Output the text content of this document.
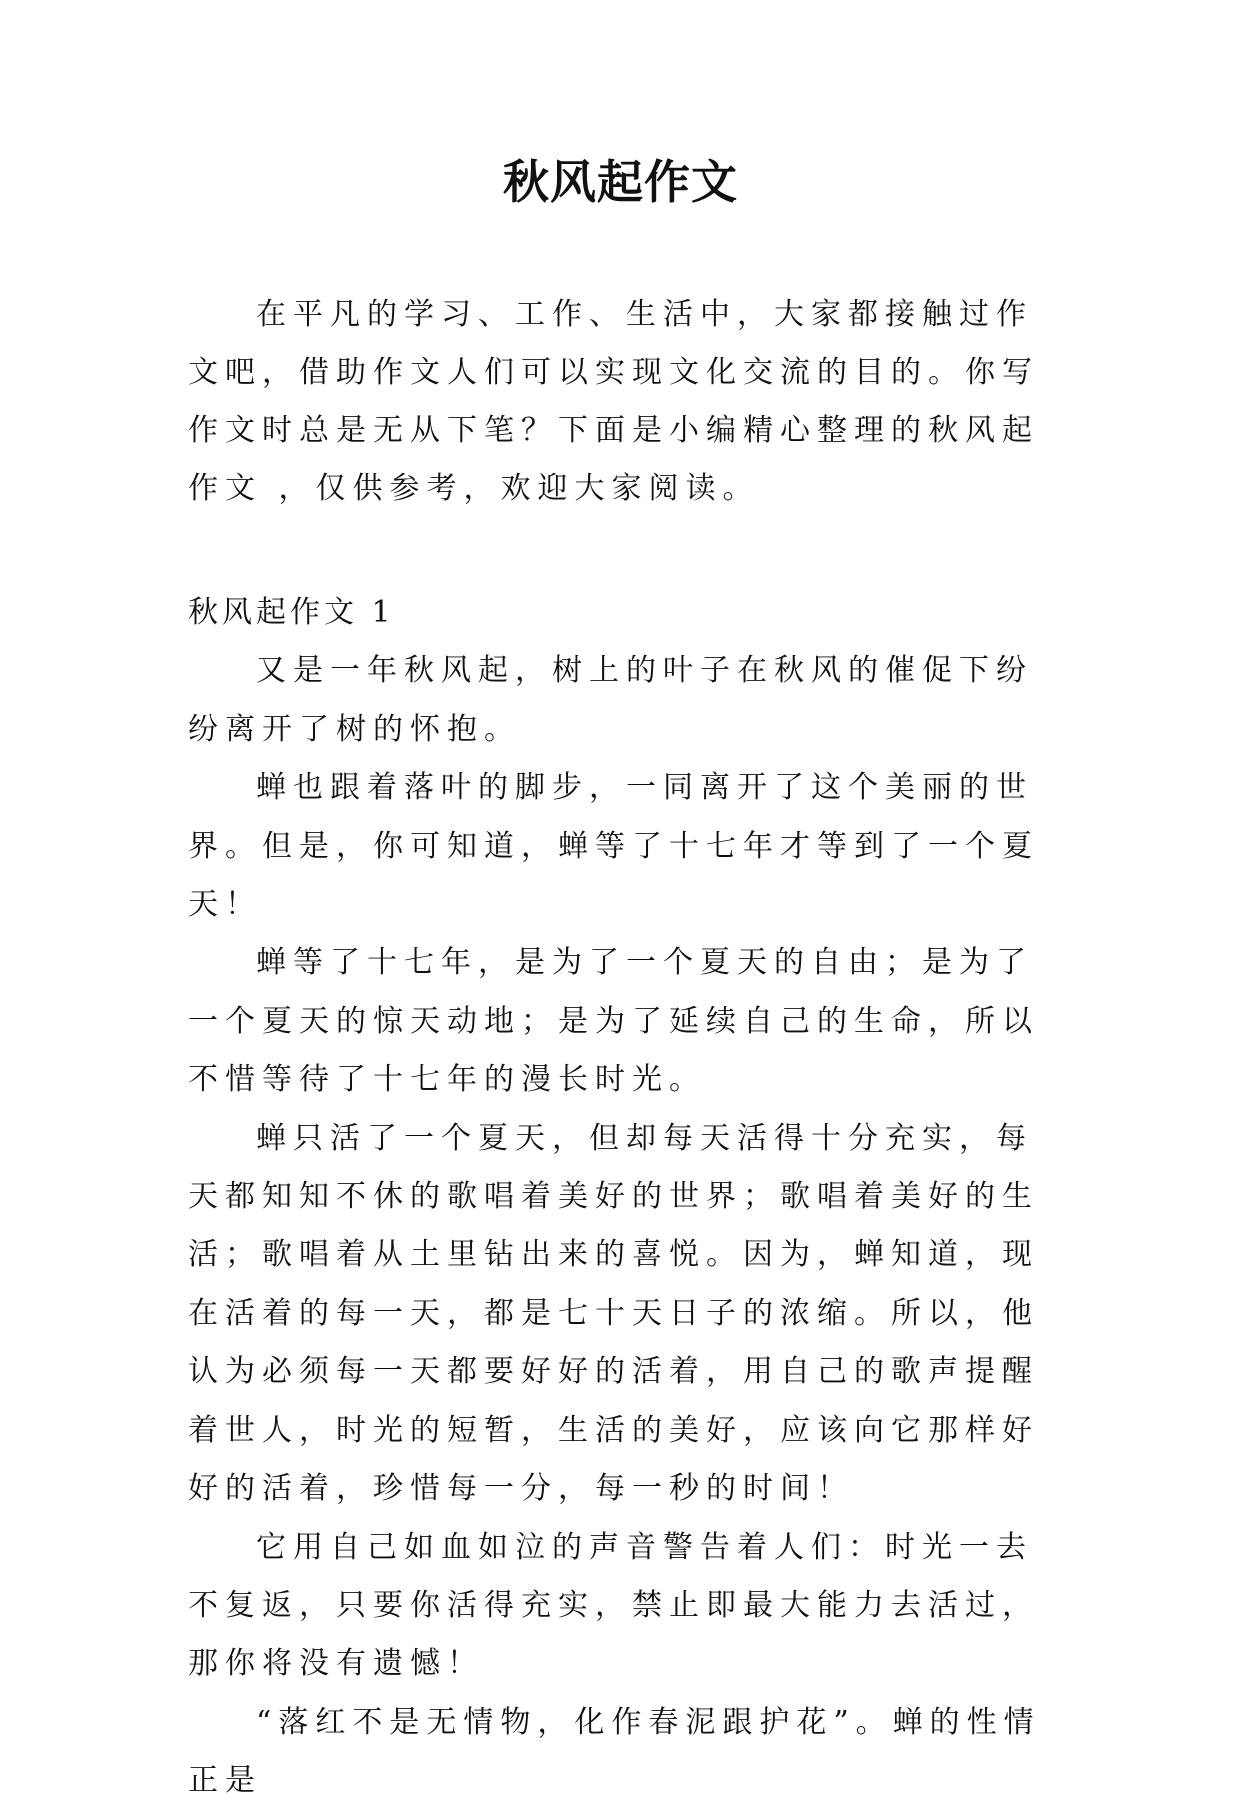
秋风起作文

在平凡的学习、工作、生活中，大家都接触过作文吧，借助作文人们可以实现文化交流的目的。你写作文时总是无从下笔？下面是小编精心整理的秋风起作文 ，仅供参考，欢迎大家阅读。

秋风起作文 1

又是一年秋风起，树上的叶子在秋风的催促下纷纷离开了树的怀抱。

蝉也跟着落叶的脚步，一同离开了这个美丽的世界。但是，你可知道，蝉等了十七年才等到了一个夏天！

蝉等了十七年，是为了一个夏天的自由；是为了一个夏天的惊天动地；是为了延续自己的生命，所以不惜等待了十七年的漫长时光。

蝉只活了一个夏天，但却每天活得十分充实，每天都知知不休的歌唱着美好的世界；歌唱着美好的生活；歌唱着从土里钻出来的喜悦。因为，蝉知道，现在活着的每一天，都是七十天日子的浓缩。所以，他认为必须每一天都要好好的活着，用自己的歌声提醒着世人，时光的短暂，生活的美好，应该向它那样好好的活着，珍惜每一分，每一秒的时间！

它用自己如血如泣的声音警告着人们：时光一去不复返，只要你活得充实，禁止即最大能力去活过，那你将没有遗憾！

“落红不是无情物，化作春泥跟护花”。蝉的性情正是
